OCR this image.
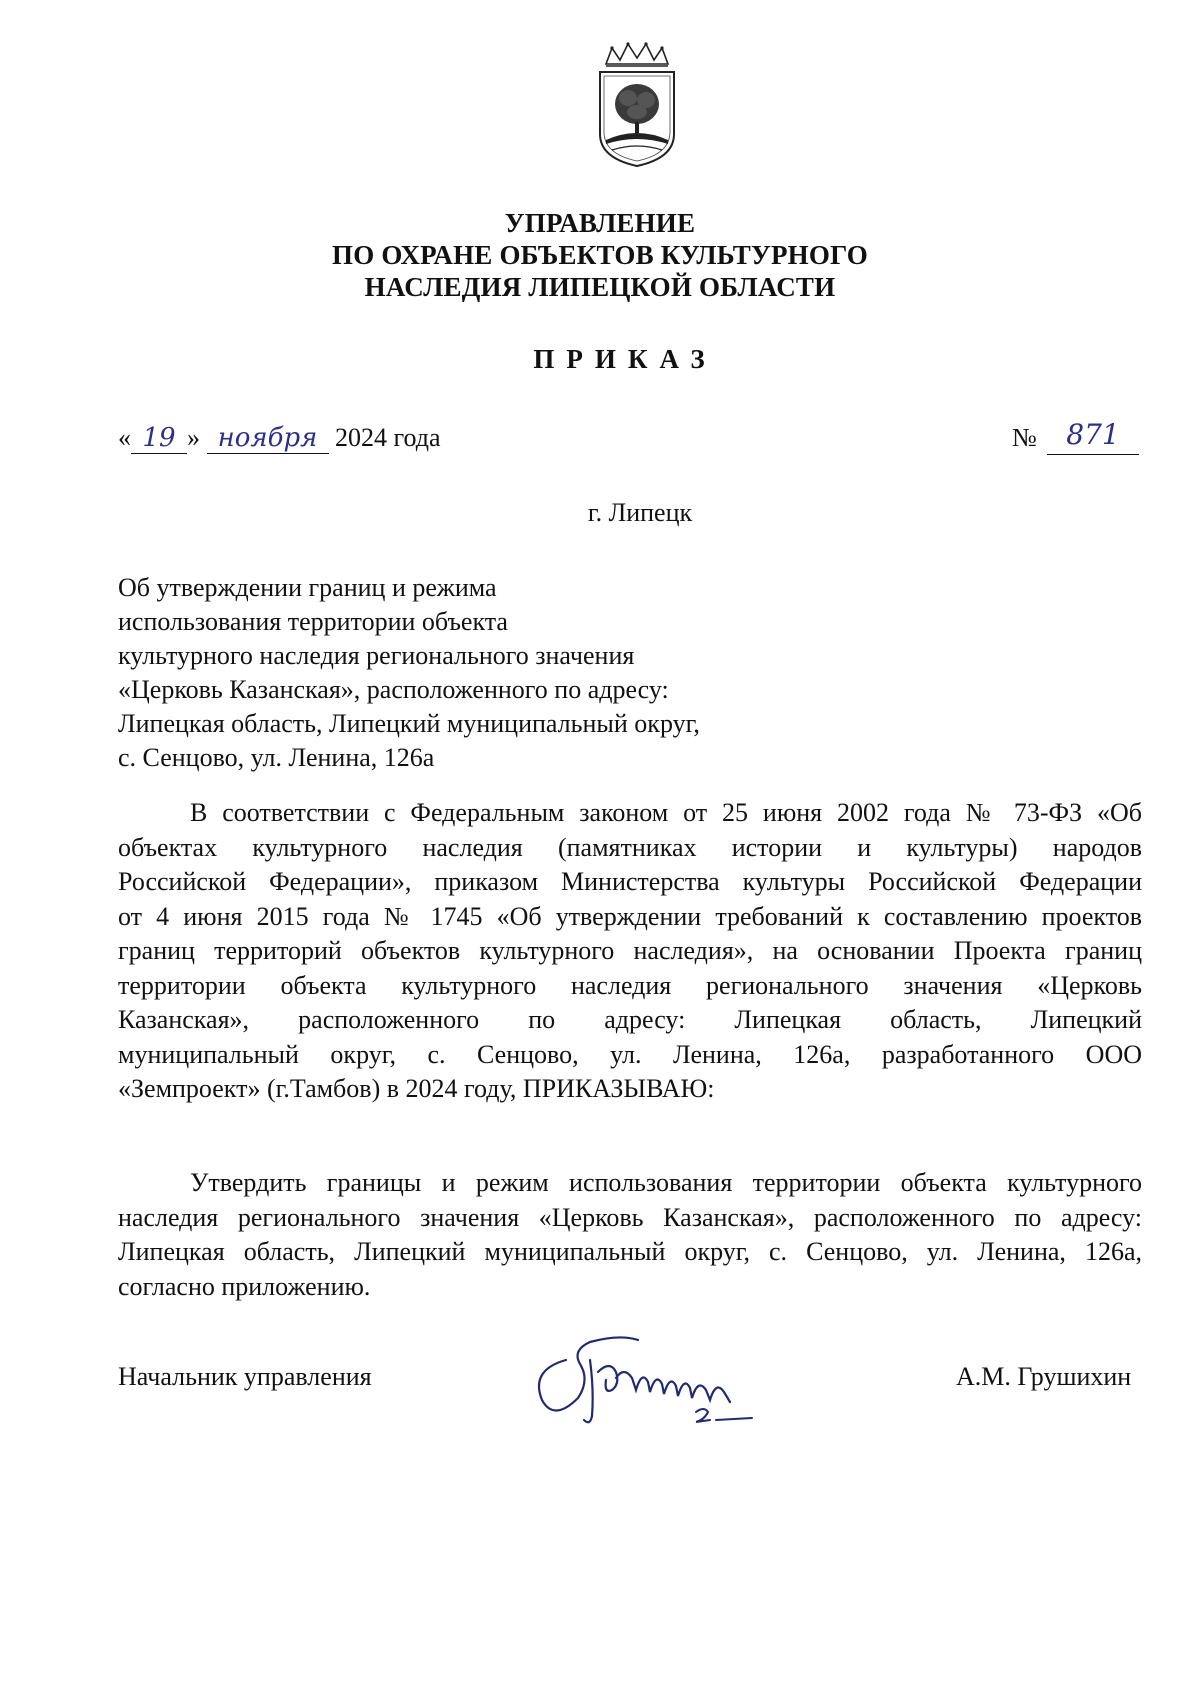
УПРАВЛЕНИЕ
ПО ОХРАНЕ ОБЪЕКТОВ КУЛЬТУРНОГО
НАСЛЕДИЯ ЛИПЕЦКОЙ ОБЛАСТИ
ПРИКАЗ
« 19 » ноября 2024 года	№	871
г. Липецк
Об утверждении границ и режима
использования территории объекта
культурного наследия регионального значения
«Церковь Казанская», расположенного по адресу:
Липецкая область, Липецкий муниципальный округ,
с. Сенцово, ул. Ленина, 126а
В соответствии с Федеральным законом от 25 июня 2002 года № 73-ФЗ «Об
объектах культурного наследия (памятниках истории и культуры) народов
Российской Федерации», приказом Министерства культуры Российской Федерации
от 4 июня 2015 года № 1745 «Об утверждении требований к составлению проектов
границ территорий объектов культурного наследия», на основании Проекта границ
территории объекта культурного наследия регионального значения «Церковь
Казанская», расположенного по адресу: Липецкая область, Липецкий
муниципальный округ, с. Сенцово, ул. Ленина, 126а, разработанного ООО
«Земпроект» (г.Тамбов) в 2024 году, ПРИКАЗЫВАЮ:
Утвердить границы и режим использования территории объекта культурного
наследия регионального значения «Церковь Казанская», расположенного по адресу:
Липецкая область, Липецкий муниципальный округ, с. Сенцово, ул. Ленина, 126а,
согласно приложению.
Начальник управления	А.М. Грушихин
